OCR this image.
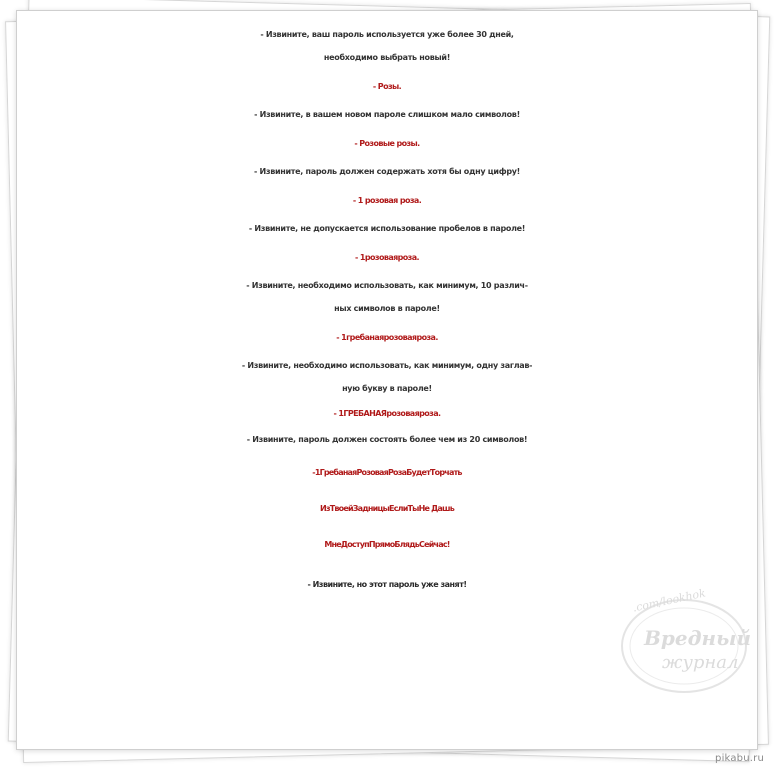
- Извините, ваш пароль используется уже более 30 дней,

необходимо выбрать новый!

- Розы.

- Извините, в вашем новом пароле слишком мало символов!

- Розовые розы.

- Извините, пароль должен содержать хотя бы одну цифру!

- 1 розовая роза.

- Извините, не допускается использование пробелов в пароле!

- 1розоваяроза.

- Извините, необходимо использовать, как минимум, 10 различ-

ных символов в пароле!

- 1гребанаярозоваяроза.

- Извините, необходимо использовать, как минимум, одну заглав-

ную букву в пароле!

- 1ГРЕБАНАЯрозоваяроза.

- Извините, пароль должен состоять более чем из 20 символов!

-1ГребанаяРозоваяРозаБудетТорчать

ИзТвоейЗадницыЕслиТыНе Дашь

МнеДоступПрямоБлядьСейчас!

- Извините, но этот пароль уже занят!

.com/lookhok
Вредный
журнал
pikabu.ru
